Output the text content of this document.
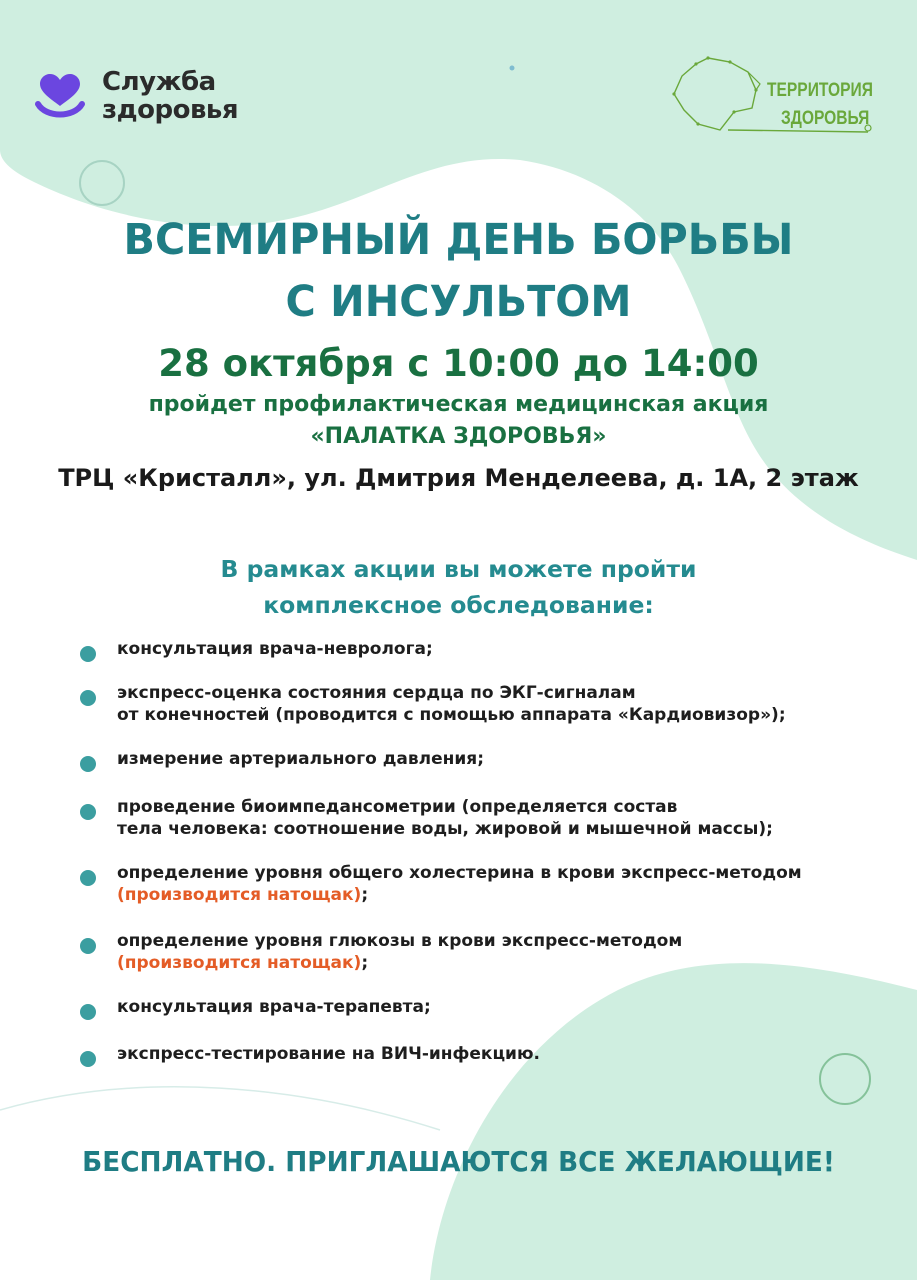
Служба
здоровья
ТЕРРИТОРИЯ
ЗДОРОВЬЯ
ВСЕМИРНЫЙ ДЕНЬ БОРЬБЫ
С ИНСУЛЬТОМ
28 октября с 10:00 до 14:00
пройдет профилактическая медицинская акция
«ПАЛАТКА ЗДОРОВЬЯ»
ТРЦ «Кристалл», ул. Дмитрия Менделеева, д. 1А, 2 этаж
В рамках акции вы можете пройти
комплексное обследование:
консультация врача-невролога;
экспресс-оценка состояния сердца по ЭКГ-сигналам
от конечностей (проводится с помощью аппарата «Кардиовизор»);
измерение артериального давления;
проведение биоимпедансометрии (определяется состав
тела человека: соотношение воды, жировой и мышечной массы);
определение уровня общего холестерина в крови экспресс-методом
(производится натощак);
определение уровня глюкозы в крови экспресс-методом
(производится натощак);
консультация врача-терапевта;
экспресс-тестирование на ВИЧ-инфекцию.
БЕСПЛАТНО. ПРИГЛАШАЮТСЯ ВСЕ ЖЕЛАЮЩИЕ!
